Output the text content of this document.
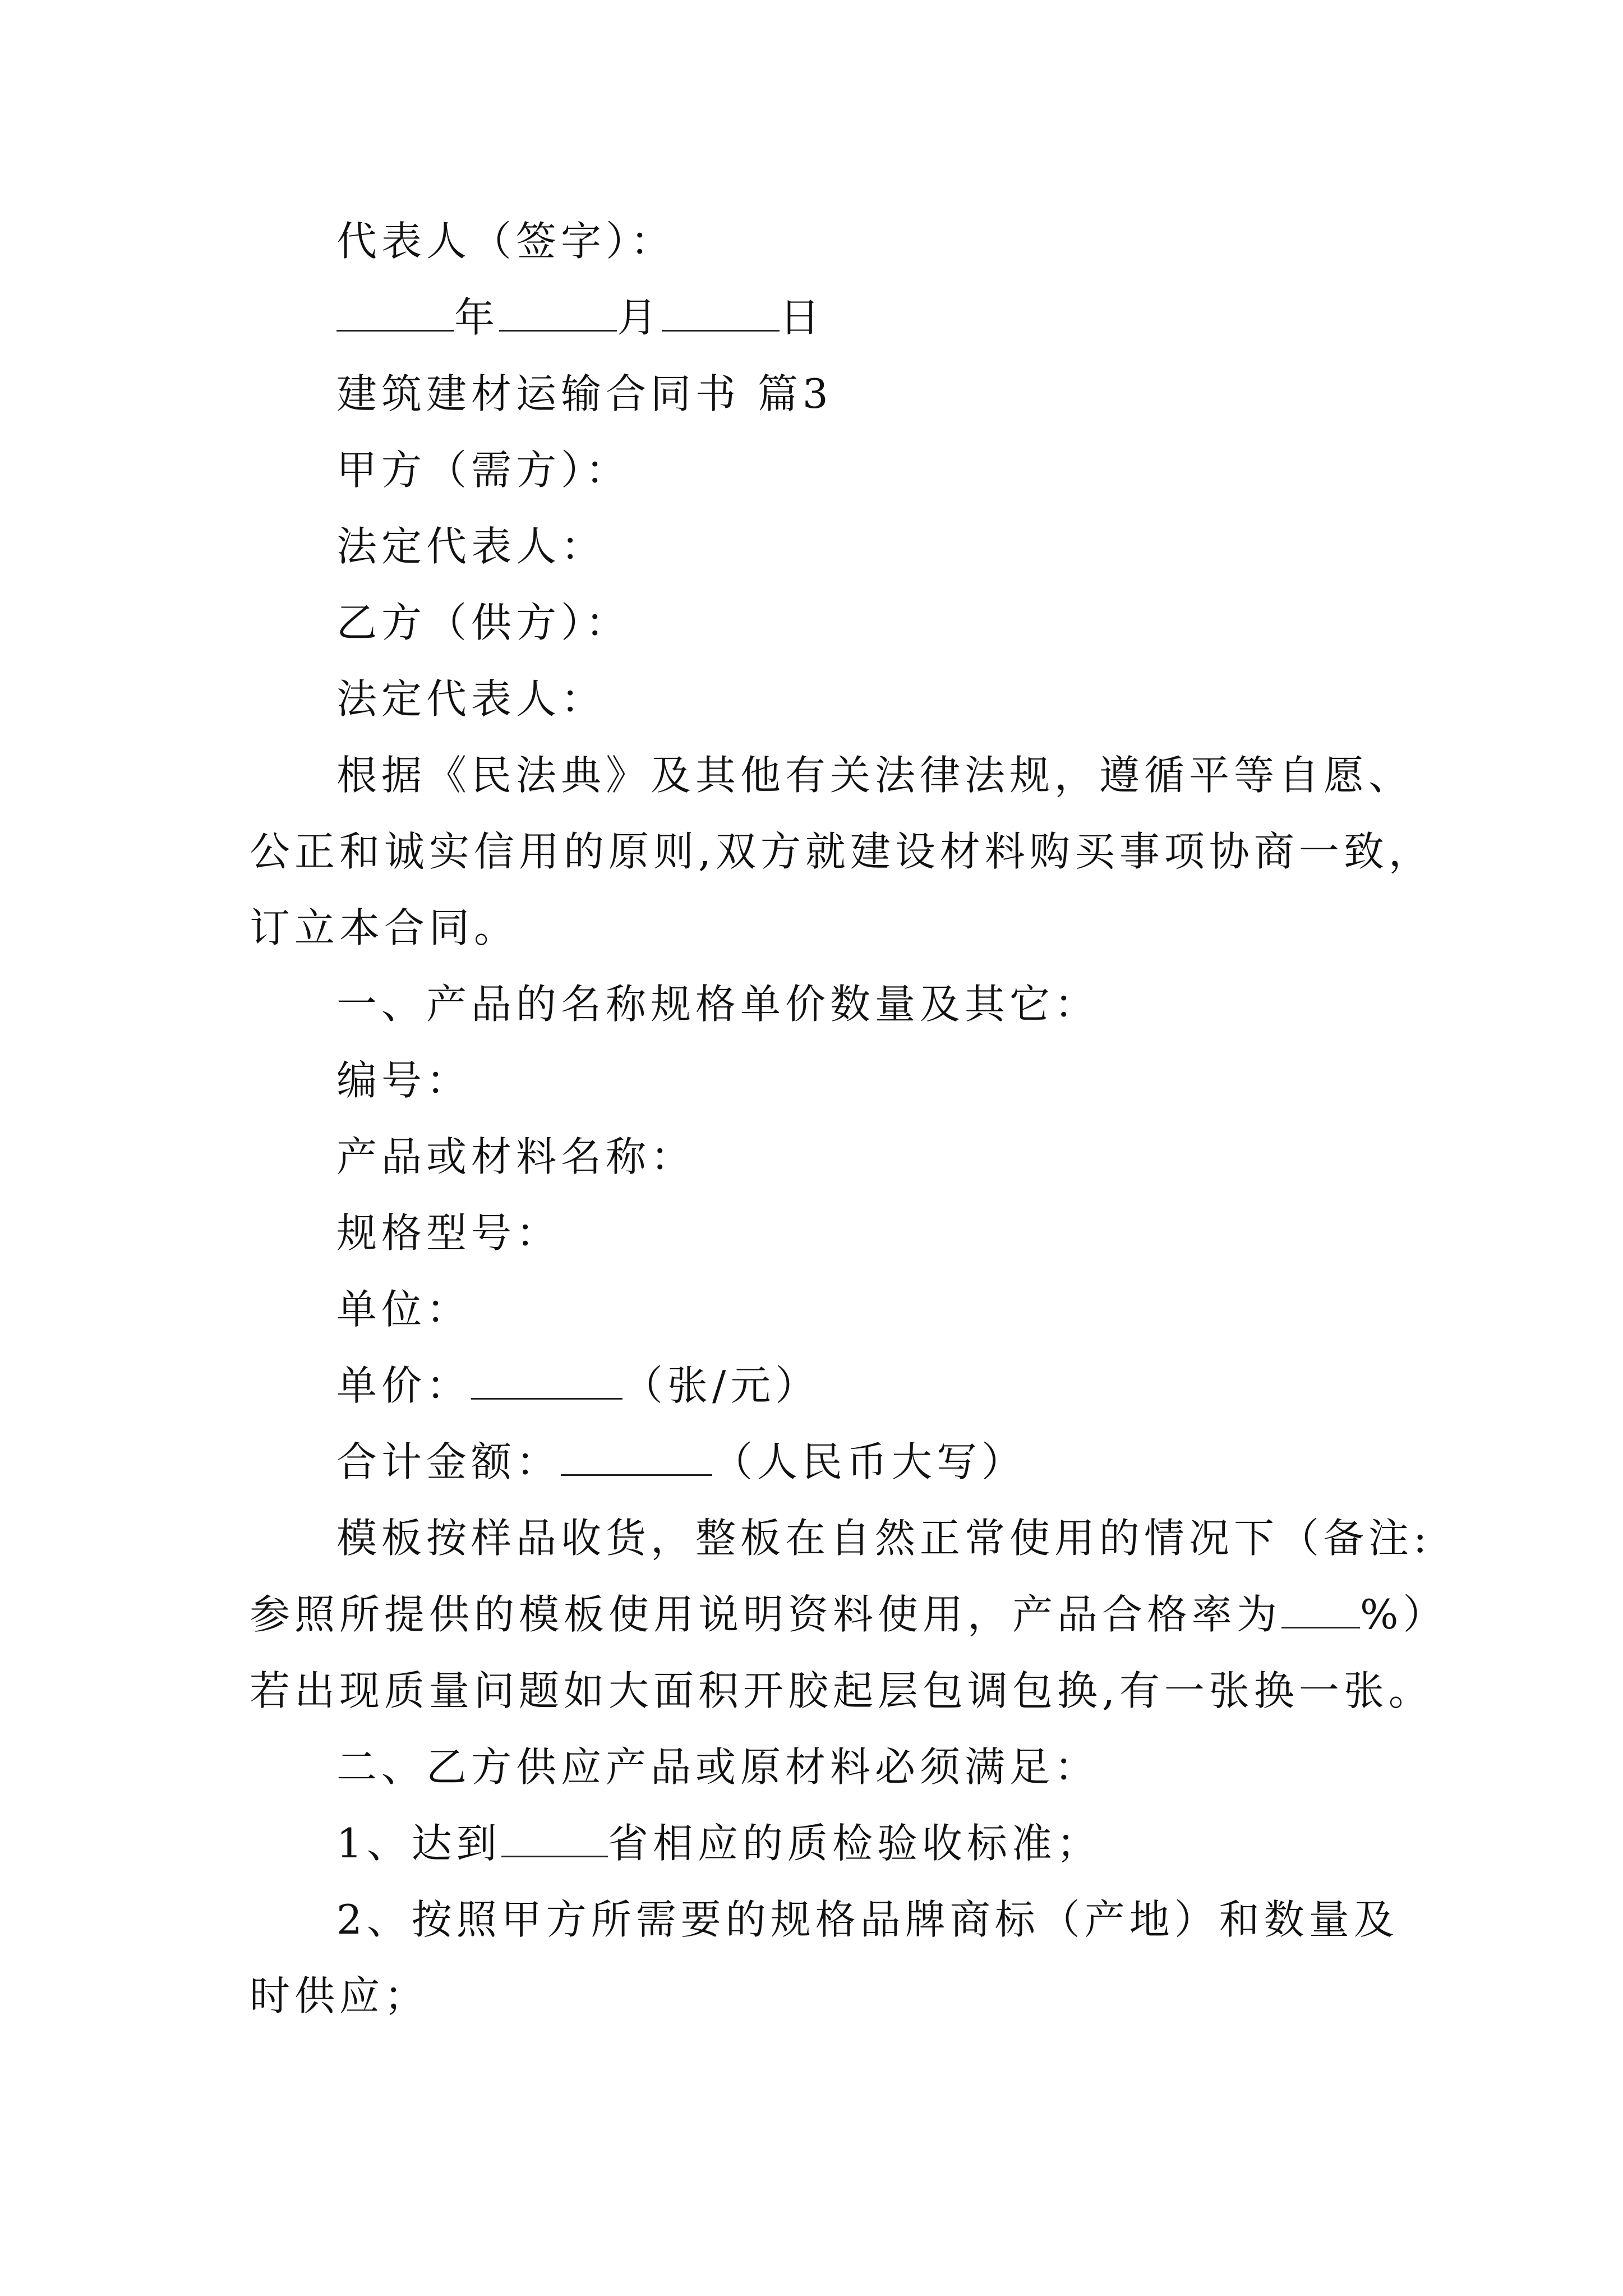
代表人（签字）：
年	月	日
建筑建材运输合同书 篇3
甲方（需方）：
法定代表人：
乙方（供方）：
法定代表人：
根据《民法典》及其他有关法律法规，遵循平等自愿、
公正和诚实信用的原则,双方就建设材料购买事项协商一致，
订立本合同。
一、产品的名称规格单价数量及其它：
编号：
产品或材料名称：
规格型号：
单位：
单价：	（张/元）
合计金额：	（人民币大写）
模板按样品收货，整板在自然正常使用的情况下（备注:
参照所提供的模板使用说明资料使用，产品合格率为 %）
若出现质量问题如大面积开胶起层包调包换,有一张换一张。
二、乙方供应产品或原材料必须满足：
1、达到	省相应的质检验收标准；
2、按照甲方所需要的规格品牌商标（产地）和数量及
时供应；
